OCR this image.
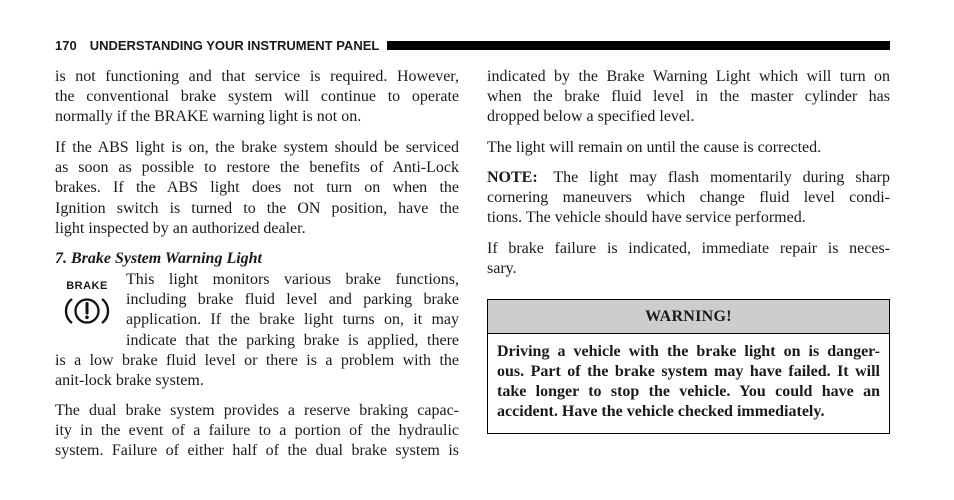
170 UNDERSTANDING YOUR INSTRUMENT PANEL
is not functioning and that service is required. However,
the conventional brake system will continue to operate
normally if the BRAKE warning light is not on.
If the ABS light is on, the brake system should be serviced
as soon as possible to restore the benefits of Anti-Lock
brakes. If the ABS light does not turn on when the
Ignition switch is turned to the ON position, have the
light inspected by an authorized dealer.
7. Brake System Warning Light
BRAKE This light monitors various brake functions,
including brake fluid level and parking brake
application. If the brake light turns on, it may
indicate that the parking brake is applied, there
is a low brake fluid level or there is a problem with the
anit-lock brake system.
The dual brake system provides a reserve braking capac-
ity in the event of a failure to a portion of the hydraulic
system. Failure of either half of the dual brake system is
indicated by the Brake Warning Light which will turn on
when the brake fluid level in the master cylinder has
dropped below a specified level.
The light will remain on until the cause is corrected.
NOTE: The light may flash momentarily during sharp
cornering maneuvers which change fluid level condi-
tions. The vehicle should have service performed.
If brake failure is indicated, immediate repair is neces-
sary.
WARNING!
Driving a vehicle with the brake light on is danger-
ous. Part of the brake system may have failed. It will
take longer to stop the vehicle. You could have an
accident. Have the vehicle checked immediately.
